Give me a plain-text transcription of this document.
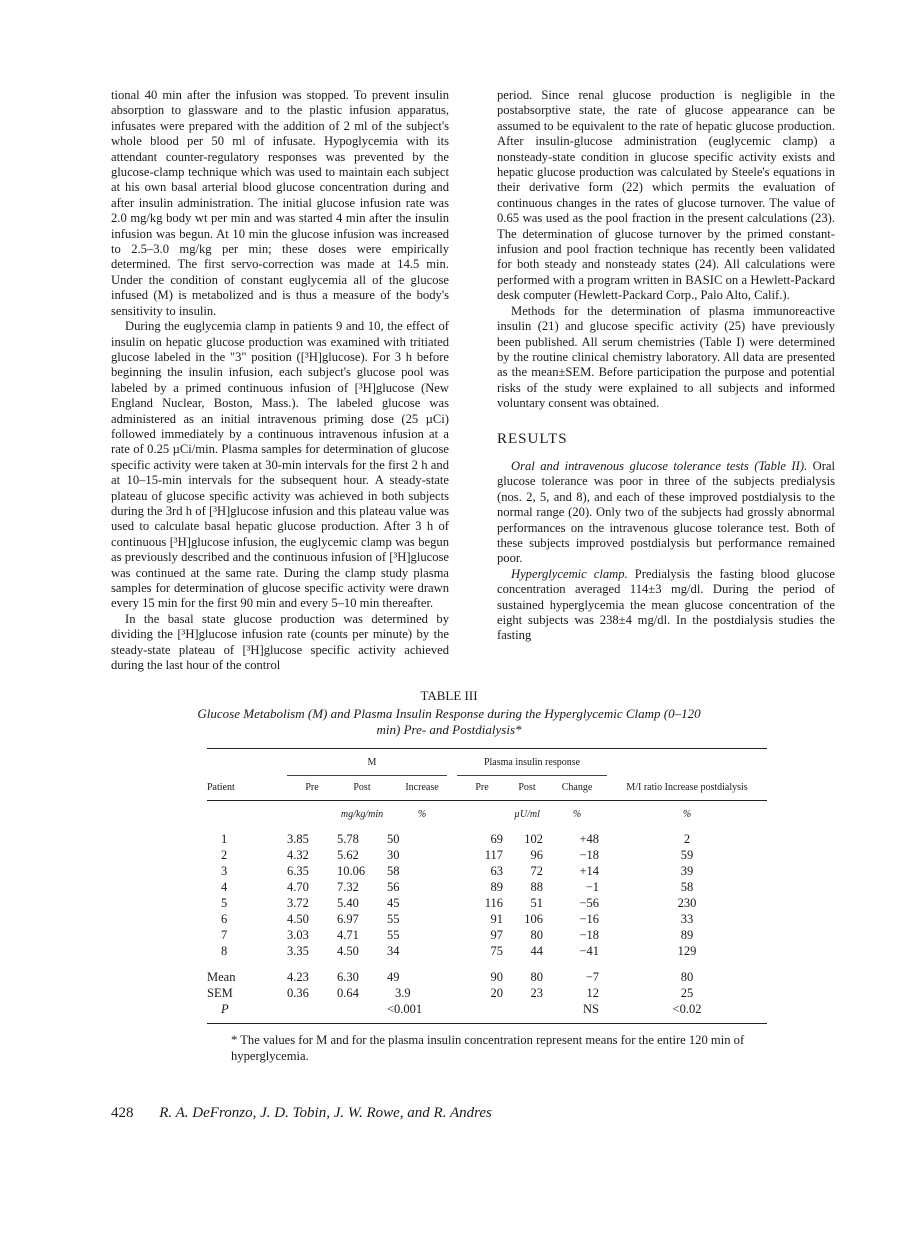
tional 40 min after the infusion was stopped. To prevent insulin absorption to glassware and to the plastic infusion apparatus, infusates were prepared with the addition of 2 ml of the subject's whole blood per 50 ml of infusate. Hypoglycemia with its attendant counter-regulatory responses was prevented by the glucose-clamp technique which was used to maintain each subject at his own basal arterial blood glucose concentration during and after insulin administration. The initial glucose infusion rate was 2.0 mg/kg body wt per min and was started 4 min after the insulin infusion was begun. At 10 min the glucose infusion was increased to 2.5–3.0 mg/kg per min; these doses were empirically determined. The first servo-correction was made at 14.5 min. Under the condition of constant euglycemia all of the glucose infused (M) is metabolized and is thus a measure of the body's sensitivity to insulin.

During the euglycemia clamp in patients 9 and 10, the effect of insulin on hepatic glucose production was examined with tritiated glucose labeled in the "3" position ([³H]glucose). For 3 h before beginning the insulin infusion, each subject's glucose pool was labeled by a primed continuous infusion of [³H]glucose (New England Nuclear, Boston, Mass.). The labeled glucose was administered as an initial intravenous priming dose (25 µCi) followed immediately by a continuous intravenous infusion at a rate of 0.25 µCi/min. Plasma samples for determination of glucose specific activity were taken at 30-min intervals for the first 2 h and at 10–15-min intervals for the subsequent hour. A steady-state plateau of glucose specific activity was achieved in both subjects during the 3rd h of [³H]glucose infusion and this plateau value was used to calculate basal hepatic glucose production. After 3 h of continuous [³H]glucose infusion, the euglycemic clamp was begun as previously described and the continuous infusion of [³H]glucose was continued at the same rate. During the clamp study plasma samples for determination of glucose specific activity were drawn every 15 min for the first 90 min and every 5–10 min thereafter.

In the basal state glucose production was determined by dividing the [³H]glucose infusion rate (counts per minute) by the steady-state plateau of [³H]glucose specific activity achieved during the last hour of the control

period. Since renal glucose production is negligible in the postabsorptive state, the rate of glucose appearance can be assumed to be equivalent to the rate of hepatic glucose production. After insulin-glucose administration (euglycemic clamp) a nonsteady-state condition in glucose specific activity exists and hepatic glucose production was calculated by Steele's equations in their derivative form (22) which permits the evaluation of continuous changes in the rates of glucose turnover. The value of 0.65 was used as the pool fraction in the present calculations (23). The determination of glucose turnover by the primed constant-infusion and pool fraction technique has recently been validated for both steady and nonsteady states (24). All calculations were performed with a program written in BASIC on a Hewlett-Packard desk computer (Hewlett-Packard Corp., Palo Alto, Calif.).

Methods for the determination of plasma immunoreactive insulin (21) and glucose specific activity (25) have previously been published. All serum chemistries (Table I) were determined by the routine clinical chemistry laboratory. All data are presented as the mean±SEM. Before participation the purpose and potential risks of the study were explained to all subjects and informed voluntary consent was obtained.

RESULTS

Oral and intravenous glucose tolerance tests (Table II). Oral glucose tolerance was poor in three of the subjects predialysis (nos. 2, 5, and 8), and each of these improved postdialysis to the normal range (20). Only two of the subjects had grossly abnormal performances on the intravenous glucose tolerance test. Both of these subjects improved postdialysis but performance remained poor.

Hyperglycemic clamp. Predialysis the fasting blood glucose concentration averaged 114±3 mg/dl. During the period of sustained hyperglycemia the mean glucose concentration of the eight subjects was 238±4 mg/dl. In the postdialysis studies the fasting

TABLE III
Glucose Metabolism (M) and Plasma Insulin Response during the Hyperglycemic Clamp (0–120 min) Pre- and Postdialysis*
	M			Plasma insulin response			M/I ratio Increase postdialysis
Patient	Pre	Post	Increase	Pre	Post	Change	
		mg/kg/min	%		µU/ml	%	%
1	3.85	5.78	50	69	102	+48	2
2	4.32	5.62	30	117	96	−18	59
3	6.35	10.06	58	63	72	+14	39
4	4.70	7.32	56	89	88	−1	58
5	3.72	5.40	45	116	51	−56	230
6	4.50	6.97	55	91	106	−16	33
7	3.03	4.71	55	97	80	−18	89
8	3.35	4.50	34	75	44	−41	129

Mean	4.23	6.30	49	90	80	−7	80
SEM	0.36	0.64	3.9	20	23	12	25
P			<0.001			NS	<0.02

* The values for M and for the plasma insulin concentration represent means for the entire 120 min of hyperglycemia.
428 R. A. DeFronzo, J. D. Tobin, J. W. Rowe, and R. Andres
